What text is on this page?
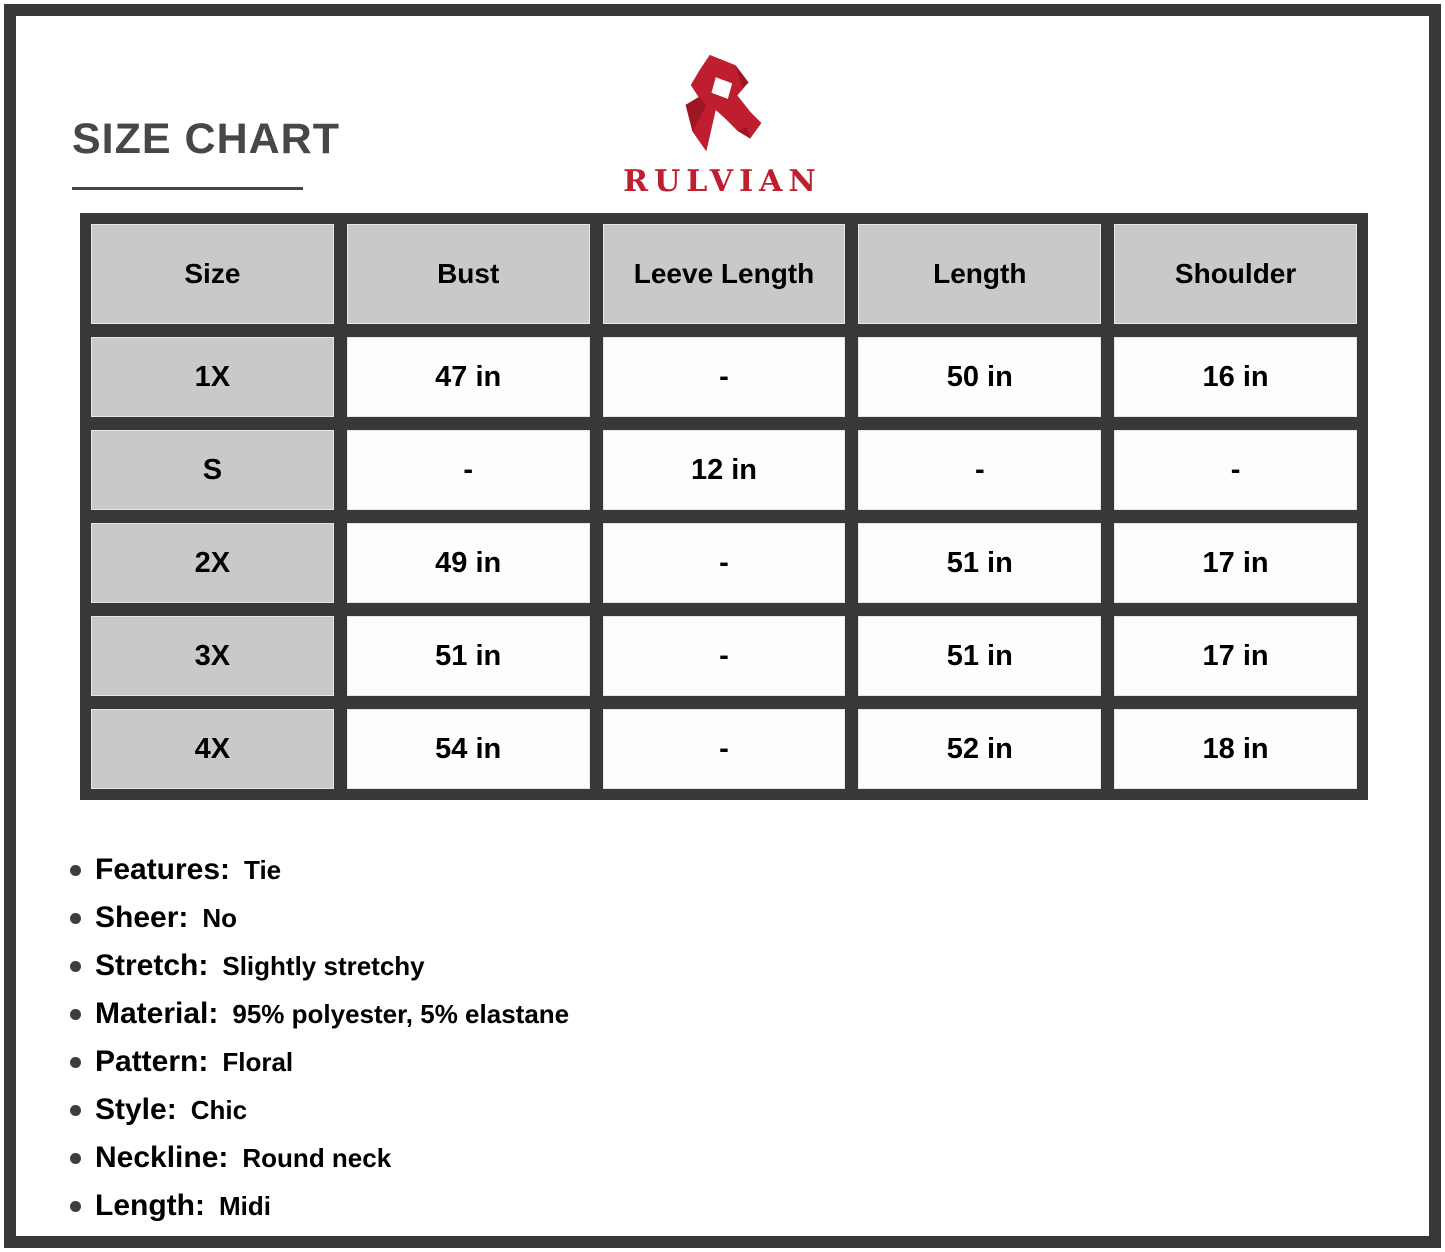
SIZE CHART
RULVIAN
Size	Bust	Leeve Length	Length	Shoulder
1X	47 in	-	50 in	16 in
S	-	12 in	-	-
2X	49 in	-	51 in	17 in
3X	51 in	-	51 in	17 in
4X	54 in	-	52 in	18 in
Features: Tie
Sheer: No
Stretch: Slightly stretchy
Material: 95% polyester, 5% elastane
Pattern: Floral
Style: Chic
Neckline: Round neck
Length: Midi
